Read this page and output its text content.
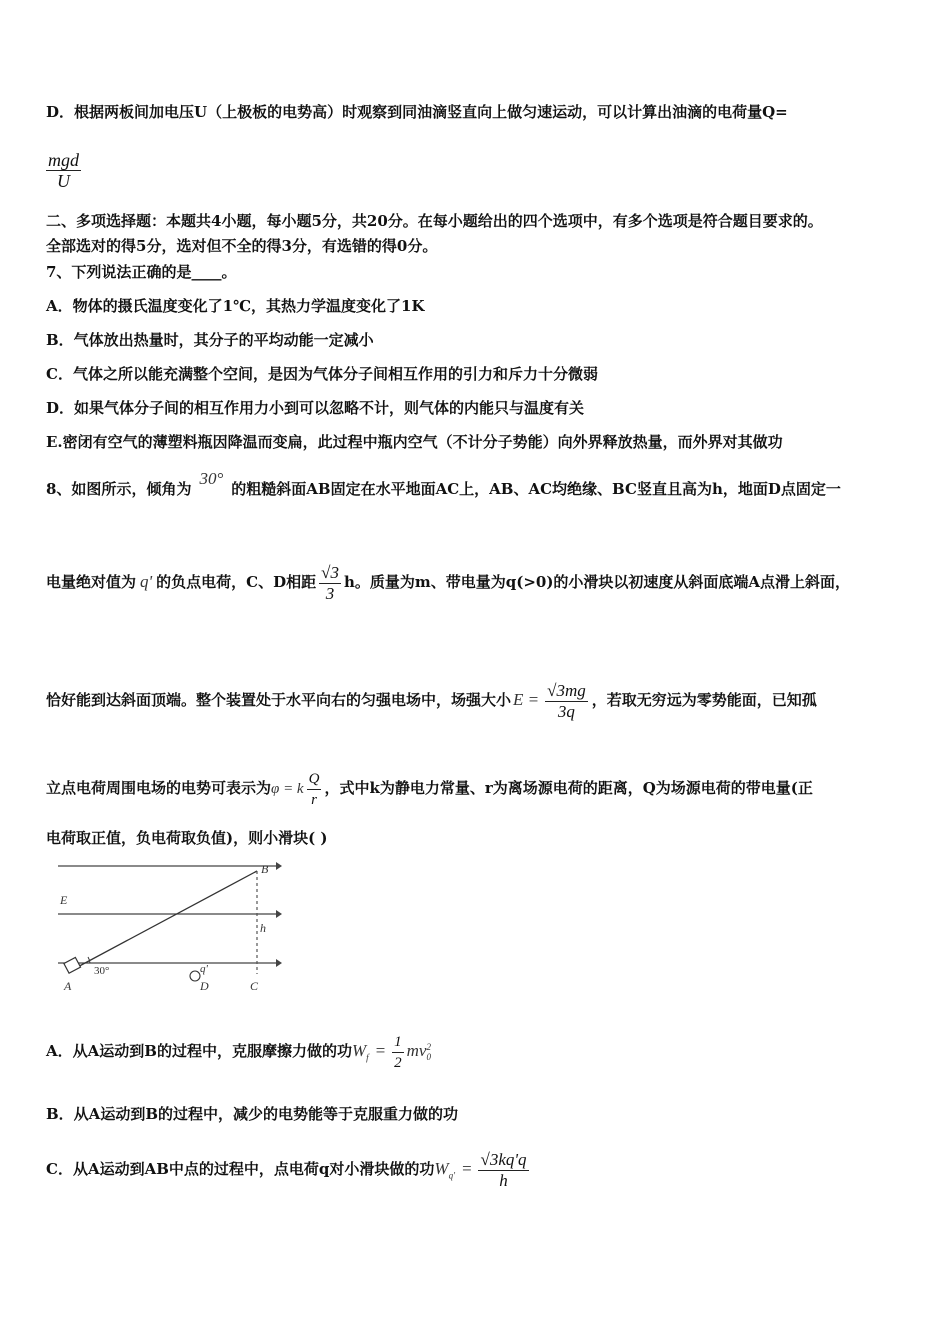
D．根据两板间加电压U（上极板的电势高）时观察到同油滴竖直向上做匀速运动，可以计算出油滴的电荷量Q=
$\frac{\text{mgd}}{U}$
二、多项选择题：本题共4小题，每小题5分，共20分。在每小题给出的四个选项中，有多个选项是符合题目要求的。
全部选对的得5分，选对但不全的得3分，有选错的得0分。
7、下列说法正确的是____。
A．物体的摄氏温度变化了1℃，其热力学温度变化了1K
B．气体放出热量时，其分子的平均动能一定减小
C．气体之所以能充满整个空间，是因为气体分子间相互作用的引力和斥力十分微弱
D．如果气体分子间的相互作用力小到可以忽略不计，则气体的内能只与温度有关
E.密闭有空气的薄塑料瓶因降温而变扁，此过程中瓶内空气（不计分子势能）向外界释放热量，而外界对其做功
8、如图所示，倾角为30°的粗糙斜面AB固定在水平地面AC上，AB、AC均绝缘、BC竖直且高为h，地面D点固定一
电量绝对值为 q' 的负点电荷，C、D相距 $\frac{√3}{3}$ h。质量为m、带电量为q(>0)的小滑块以初速度从斜面底端A点滑上斜面，
恰好能到达斜面顶端。整个装置处于水平向右的匀强电场中，场强大小 $E = \frac{√3mg}{3q}$ ，若取无穷远为零势能面，已知孤
立点电荷周围电场的电势可表示为φ = k $\frac{Q}{r}$ ，式中k为静电力常量、r为离场源电荷的距离，Q为场源电荷的带电量(正
电荷取正值，负电荷取负值)，则小滑块( )
B
E
h
30°	q'
A	D	C
A．从A运动到B的过程中，克服摩擦力做的功$W_f = \frac{1}{2}$ mv 2
0
B．从A运动到B的过程中，减少的电势能等于克服重力做的功
C．从A运动到AB中点的过程中，点电荷q对小滑块做的功$W_{q'} = \frac{√3kq'q}{h}$
